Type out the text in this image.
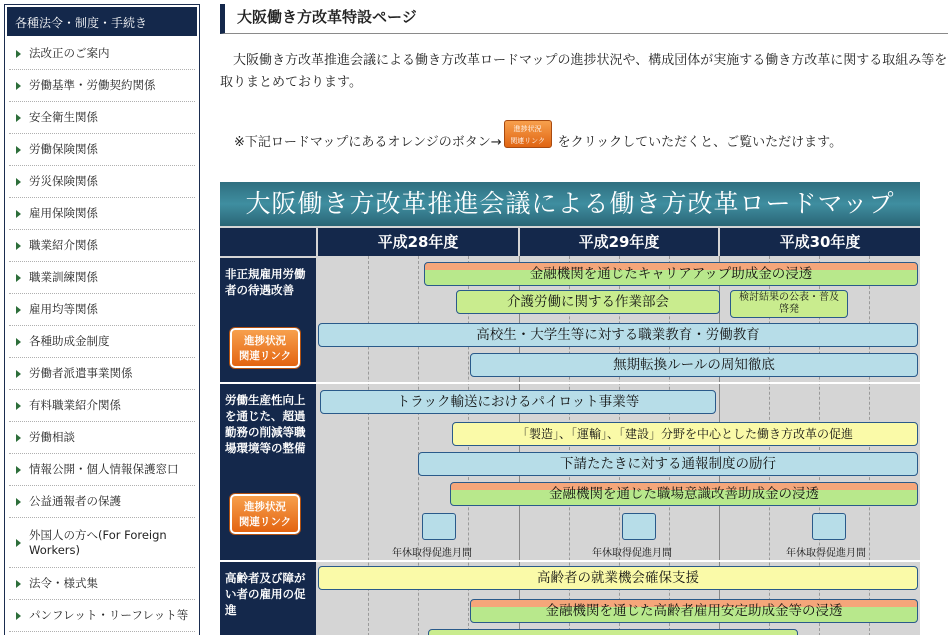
各種法令・制度・手続き
法改正のご案内
労働基準・労働契約関係
安全衛生関係
労働保険関係
労災保険関係
雇用保険関係
職業紹介関係
職業訓練関係
雇用均等関係
各種助成金制度
労働者派遣事業関係
有料職業紹介関係
労働相談
情報公開・個人情報保護窓口
公益通報者の保護
外国人の方へ(For Foreign Workers)
法令・様式集
パンフレット・リーフレット等
大阪働き方改革特設ページ

大阪働き方改革推進会議による働き方改革ロードマップの進捗状況や、構成団体が実施する働き方改革に関する取組み等を取りまとめております。

※下記ロードマップにあるオレンジのボタン→
進捗状況
関連リンク をクリックしていただくと、ご覧いただけます。
大阪働き方改革推進会議による働き方改革ロードマップ
平成28年度	平成29年度	平成30年度
非正規雇用労働者の待遇改善
進捗状況
関連リンク
金融機関を通じたキャリアアップ助成金の浸透
介護労働に関する作業部会	検討結果の公表・普及啓発
高校生・大学生等に対する職業教育・労働教育
無期転換ルールの周知徹底
労働生産性向上を通じた、超過勤務の削減等職場環境等の整備
進捗状況
関連リンク
トラック輸送におけるパイロット事業等
「製造」、「運輸」、「建設」分野を中心とした働き方改革の促進
下請たたきに対する通報制度の励行
金融機関を通じた職場意識改善助成金の浸透
年休取得促進月間	年休取得促進月間	年休取得促進月間
高齢者及び障がい者の雇用の促進
高齢者の就業機会確保支援
金融機関を通じた高齢者雇用安定助成金等の浸透
